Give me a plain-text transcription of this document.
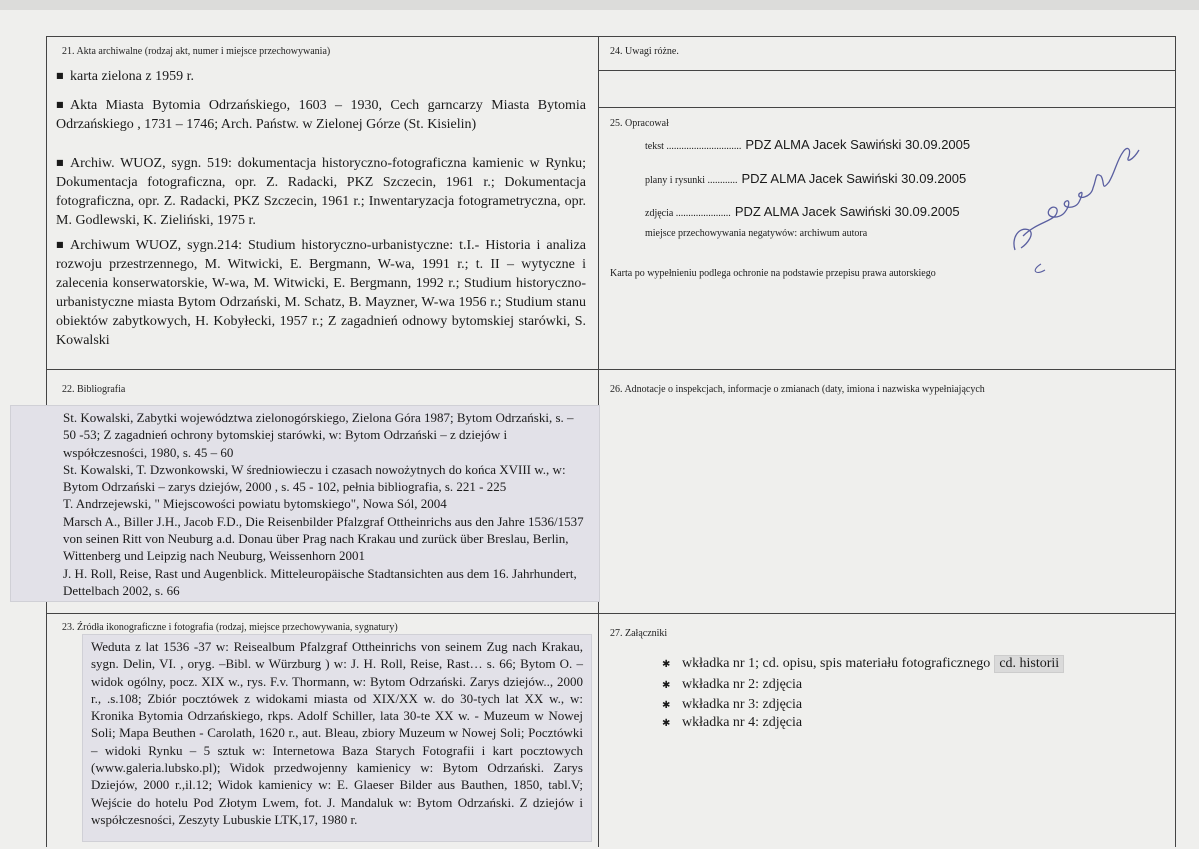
21. Akta archiwalne (rodzaj akt, numer i miejsce przechowywania)
■ karta zielona z 1959 r.
■ Akta Miasta Bytomia Odrzańskiego, 1603 – 1930, Cech garncarzy Miasta Bytomia Odrzańskiego , 1731 – 1746; Arch. Państw. w Zielonej Górze (St. Kisielin)
■ Archiw. WUOZ, sygn. 519: dokumentacja historyczno-fotograficzna kamienic w Rynku; Dokumentacja fotograficzna, opr. Z. Radacki, PKZ Szczecin, 1961 r.; Dokumentacja fotograficzna, opr. Z. Radacki, PKZ Szczecin, 1961 r.; Inwentaryzacja fotogrametryczna, opr. M. Godlewski, K. Zieliński, 1975 r.
■ Archiwum WUOZ, sygn.214: Studium historyczno-urbanistyczne: t.I.- Historia i analiza rozwoju przestrzennego, M. Witwicki, E. Bergmann, W-wa, 1991 r.; t. II – wytyczne i zalecenia konserwatorskie, W-wa, M. Witwicki, E. Bergmann, 1992 r.; Studium historyczno-urbanistyczne miasta Bytom Odrzański, M. Schatz, B. Mayzner, W-wa 1956 r.; Studium stanu obiektów zabytkowych, H. Kobyłecki, 1957 r.; Z zagadnień odnowy bytomskiej starówki, S. Kowalski
22. Bibliografia

St. Kowalski, Zabytki województwa zielonogórskiego, Zielona Góra 1987; Bytom Odrzański, s. – 50 -53; Z zagadnień ochrony bytomskiej starówki, w: Bytom Odrzański – z dziejów i współczesności, 1980, s. 45 – 60

St. Kowalski, T. Dzwonkowski, W średniowieczu i czasach nowożytnych do końca XVIII w., w: Bytom Odrzański – zarys dziejów, 2000 , s. 45 - 102, pełnia bibliografia, s. 221 - 225

T. Andrzejewski, " Miejscowości powiatu bytomskiego", Nowa Sól, 2004

Marsch A., Biller J.H., Jacob F.D., Die Reisenbilder Pfalzgraf Ottheinrichs aus den Jahre 1536/1537 von seinen Ritt von Neuburg a.d. Donau über Prag nach Krakau und zurück über Breslau, Berlin, Wittenberg und Leipzig nach Neuburg, Weissenhorn 2001

J. H. Roll, Reise, Rast und Augenblick. Mitteleuropäische Stadtansichten aus dem 16. Jahrhundert, Dettelbach 2002, s. 66

23. Źródła ikonograficzne i fotografia (rodzaj, miejsce przechowywania, sygnatury)

Weduta z lat 1536 -37 w: Reisealbum Pfalzgraf Ottheinrichs von seinem Zug nach Krakau, sygn. Delin, VI. , oryg. –Bibl. w Würzburg ) w: J. H. Roll, Reise, Rast… s. 66; Bytom O. – widok ogólny, pocz. XIX w., rys. F.v. Thormann, w: Bytom Odrzański. Zarys dziejów.., 2000 r., .s.108; Zbiór pocztówek z widokami miasta od XIX/XX w. do 30-tych lat XX w., w: Kronika Bytomia Odrzańskiego, rkps. Adolf Schiller, lata 30-te XX w. - Muzeum w Nowej Soli; Mapa Beuthen - Carolath, 1620 r., aut. Bleau, zbiory Muzeum w Nowej Soli; Pocztówki – widoki Rynku – 5 sztuk w: Internetowa Baza Starych Fotografii i kart pocztowych (www.galeria.lubsko.pl); Widok przedwojenny kamienicy w: Bytom Odrzański. Zarys Dziejów, 2000 r.,il.12; Widok kamienicy w: E. Glaeser Bilder aus Bauthen, 1850, tabl.V; Wejście do hotelu Pod Złotym Lwem, fot. J. Mandaluk w: Bytom Odrzański. Z dziejów i współczesności, Zeszyty Lubuskie LTK,17, 1980 r.

24. Uwagi różne.
25. Opracował
tekst .............................. PDZ ALMA Jacek Sawiński 30.09.2005
plany i rysunki ............ PDZ ALMA Jacek Sawiński 30.09.2005
zdjęcia ...................... PDZ ALMA Jacek Sawiński 30.09.2005
miejsce przechowywania negatywów: archiwum autora
Karta po wypełnieniu podlega ochronie na podstawie przepisu prawa autorskiego
26. Adnotacje o inspekcjach, informacje o zmianach (daty, imiona i nazwiska wypełniających
27. Załączniki
✱ wkładka nr 1; cd. opisu, spis materiału fotograficznego cd. historii
✱ wkładka nr 2: zdjęcia
✱ wkładka nr 3: zdjęcia
✱ wkładka nr 4: zdjęcia
